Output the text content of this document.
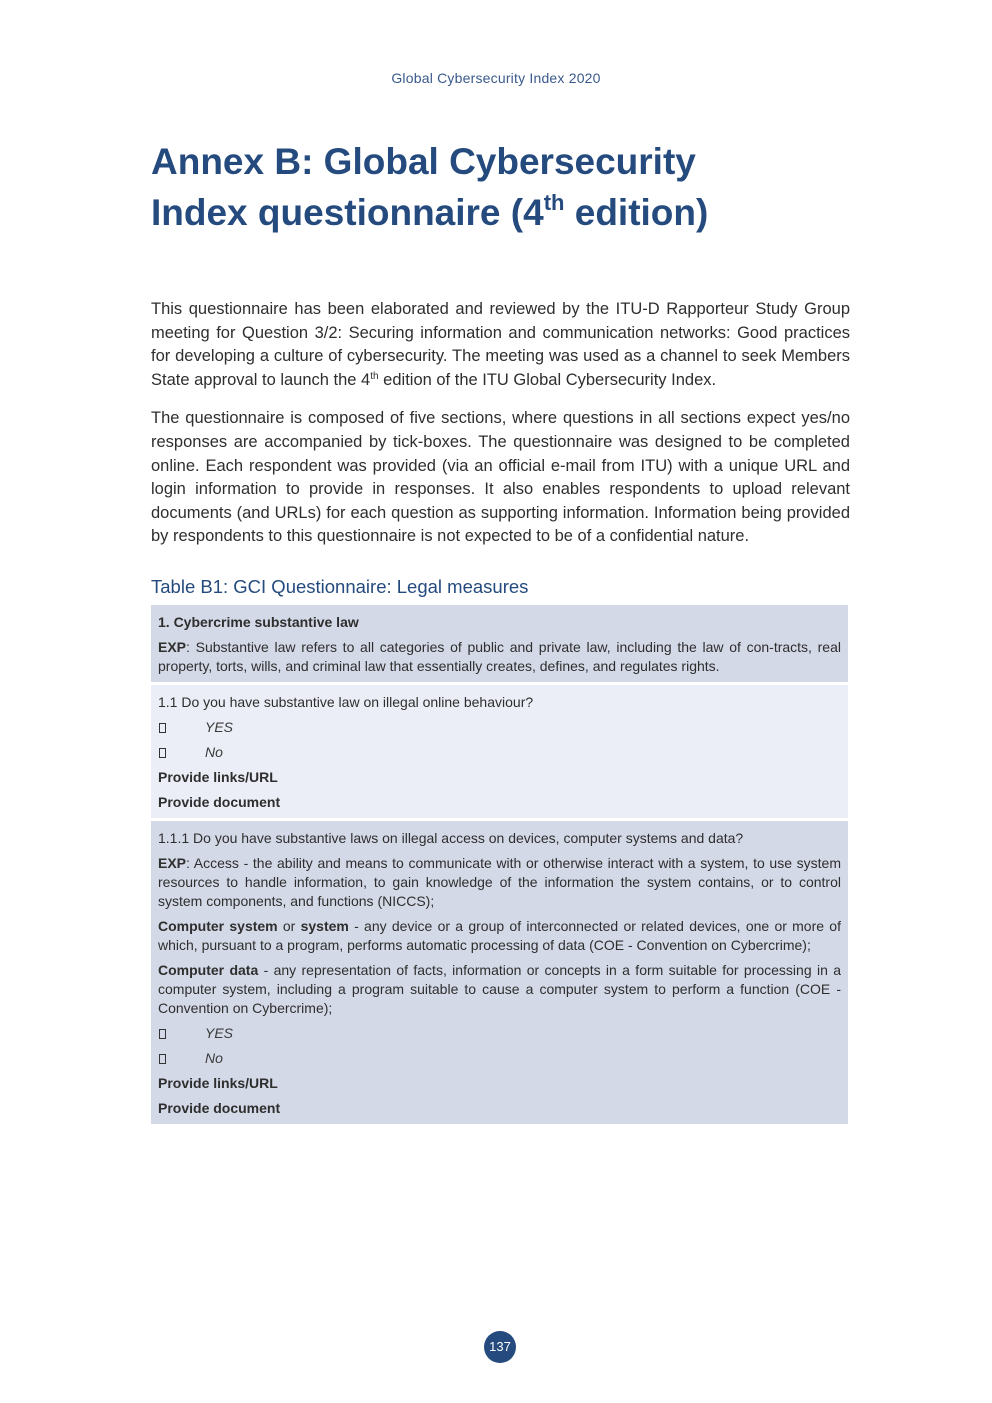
Global Cybersecurity Index 2020
Annex B: Global Cybersecurity
Index questionnaire (4th edition)

This questionnaire has been elaborated and reviewed by the ITU-D Rapporteur Study Group meeting for Question 3/2: Securing information and communication networks: Good practices for developing a culture of cybersecurity. The meeting was used as a channel to seek Members State approval to launch the 4th edition of the ITU Global Cybersecurity Index.

The questionnaire is composed of five sections, where questions in all sections expect yes/no responses are accompanied by tick-boxes. The questionnaire was designed to be completed online. Each respondent was provided (via an official e-mail from ITU) with a unique URL and login information to provide in responses. It also enables respondents to upload relevant documents (and URLs) for each question as supporting information. Information being provided by respondents to this questionnaire is not expected to be of a confidential nature.

Table B1: GCI Questionnaire: Legal measures
1. Cybercrime substantive law
EXP: Substantive law refers to all categories of public and private law, including the law of con-tracts, real property, torts, wills, and criminal law that essentially creates, defines, and regulates rights.
1.1 Do you have substantive law on illegal online behaviour?
YES
No
Provide links/URL
Provide document
1.1.1 Do you have substantive laws on illegal access on devices, computer systems and data?
EXP: Access - the ability and means to communicate with or otherwise interact with a system, to use system resources to handle information, to gain knowledge of the information the system contains, or to control system components, and functions (NICCS);
Computer system or system - any device or a group of interconnected or related devices, one or more of which, pursuant to a program, performs automatic processing of data (COE - Convention on Cybercrime);
Computer data - any representation of facts, information or concepts in a form suitable for processing in a computer system, including a program suitable to cause a computer system to perform a function (COE - Convention on Cybercrime);
YES
No
Provide links/URL
Provide document
137
